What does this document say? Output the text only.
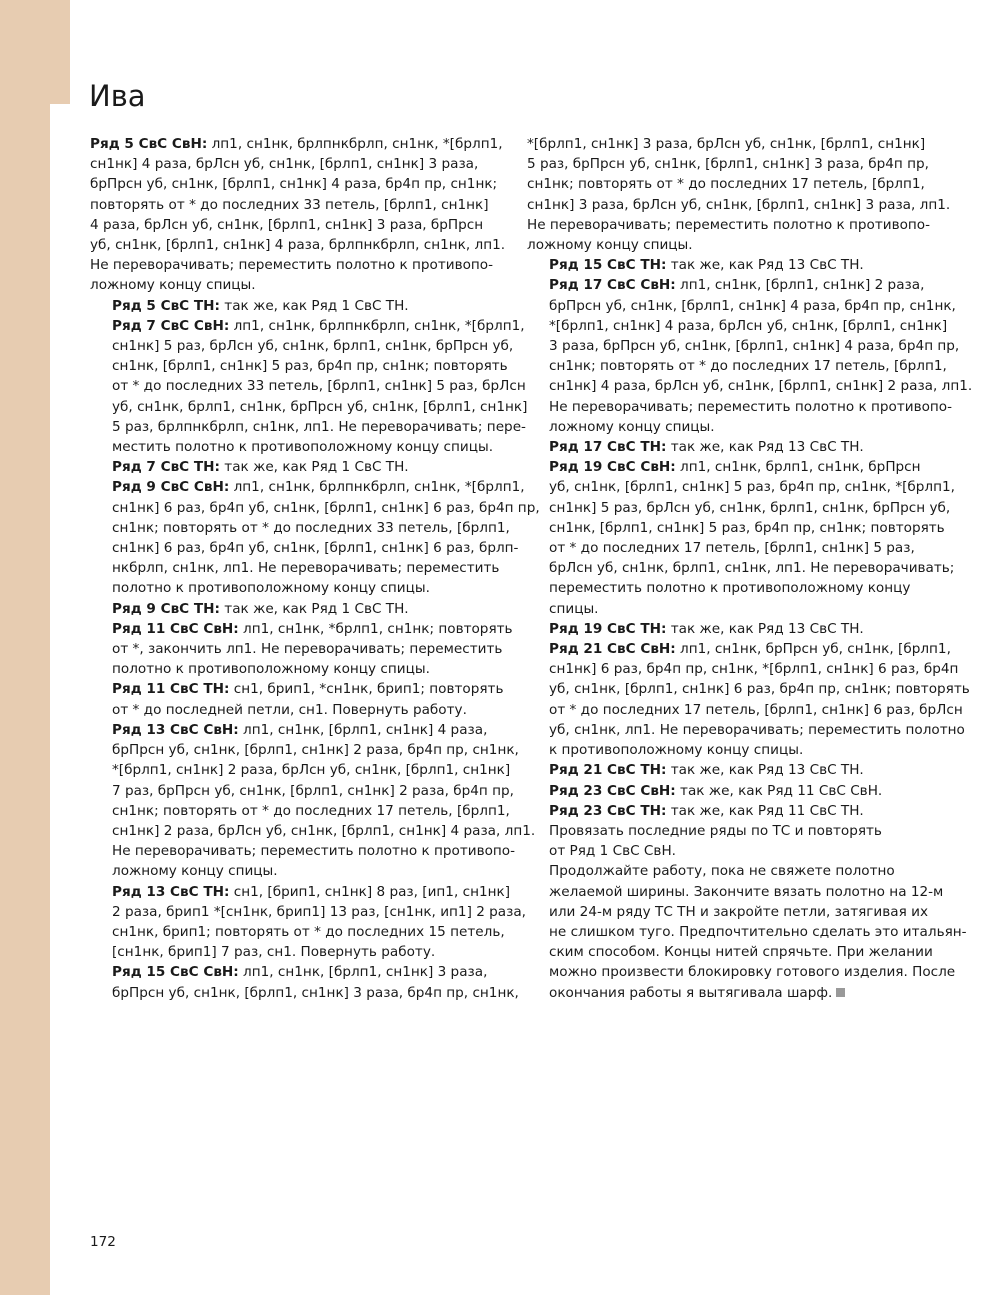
Ива

Ряд 5 СвС СвН: лп1, сн1нк, брлпнкбрлп, сн1нк, *[брлп1,
сн1нк] 4 раза, брЛсн уб, сн1нк, [брлп1, сн1нк] 3 раза,
брПрсн уб, сн1нк, [брлп1, сн1нк] 4 раза, бр4п пр, сн1нк;
повторять от * до последних 33 петель, [брлп1, сн1нк]
4 раза, брЛсн уб, сн1нк, [брлп1, сн1нк] 3 раза, брПрсн
уб, сн1нк, [брлп1, сн1нк] 4 раза, брлпнкбрлп, сн1нк, лп1.
Не переворачивать; переместить полотно к противопо-
ложному концу спицы.

Ряд 5 СвС ТН: так же, как Ряд 1 СвС ТН.

Ряд 7 СвС СвН: лп1, сн1нк, брлпнкбрлп, сн1нк, *[брлп1,
сн1нк] 5 раз, брЛсн уб, сн1нк, брлп1, сн1нк, брПрсн уб,
сн1нк, [брлп1, сн1нк] 5 раз, бр4п пр, сн1нк; повторять
от * до последних 33 петель, [брлп1, сн1нк] 5 раз, брЛсн
уб, сн1нк, брлп1, сн1нк, брПрсн уб, сн1нк, [брлп1, сн1нк]
5 раз, брлпнкбрлп, сн1нк, лп1. Не переворачивать; пере-
местить полотно к противоположному концу спицы.

Ряд 7 СвС ТН: так же, как Ряд 1 СвС ТН.

Ряд 9 СвС СвН: лп1, сн1нк, брлпнкбрлп, сн1нк, *[брлп1,
сн1нк] 6 раз, бр4п уб, сн1нк, [брлп1, сн1нк] 6 раз, бр4п пр,
сн1нк; повторять от * до последних 33 петель, [брлп1,
сн1нк] 6 раз, бр4п уб, сн1нк, [брлп1, сн1нк] 6 раз, брлп-
нкбрлп, сн1нк, лп1. Не переворачивать; переместить
полотно к противоположному концу спицы.

Ряд 9 СвС ТН: так же, как Ряд 1 СвС ТН.

Ряд 11 СвС СвН: лп1, сн1нк, *брлп1, сн1нк; повторять
от *, закончить лп1. Не переворачивать; переместить
полотно к противоположному концу спицы.

Ряд 11 СвС ТН: сн1, брип1, *сн1нк, брип1; повторять
от * до последней петли, сн1. Повернуть работу.

Ряд 13 СвС СвН: лп1, сн1нк, [брлп1, сн1нк] 4 раза,
брПрсн уб, сн1нк, [брлп1, сн1нк] 2 раза, бр4п пр, сн1нк,
*[брлп1, сн1нк] 2 раза, брЛсн уб, сн1нк, [брлп1, сн1нк]
7 раз, брПрсн уб, сн1нк, [брлп1, сн1нк] 2 раза, бр4п пр,
сн1нк; повторять от * до последних 17 петель, [брлп1,
сн1нк] 2 раза, брЛсн уб, сн1нк, [брлп1, сн1нк] 4 раза, лп1.
Не переворачивать; переместить полотно к противопо-
ложному концу спицы.

Ряд 13 СвС ТН: сн1, [брип1, сн1нк] 8 раз, [ип1, сн1нк]
2 раза, брип1 *[сн1нк, брип1] 13 раз, [сн1нк, ип1] 2 раза,
сн1нк, брип1; повторять от * до последних 15 петель,
[сн1нк, брип1] 7 раз, сн1. Повернуть работу.

Ряд 15 СвС СвН: лп1, сн1нк, [брлп1, сн1нк] 3 раза,
брПрсн уб, сн1нк, [брлп1, сн1нк] 3 раза, бр4п пр, сн1нк,

*[брлп1, сн1нк] 3 раза, брЛсн уб, сн1нк, [брлп1, сн1нк]
5 раз, брПрсн уб, сн1нк, [брлп1, сн1нк] 3 раза, бр4п пр,
сн1нк; повторять от * до последних 17 петель, [брлп1,
сн1нк] 3 раза, брЛсн уб, сн1нк, [брлп1, сн1нк] 3 раза, лп1.
Не переворачивать; переместить полотно к противопо-
ложному концу спицы.

Ряд 15 СвС ТН: так же, как Ряд 13 СвС ТН.

Ряд 17 СвС СвН: лп1, сн1нк, [брлп1, сн1нк] 2 раза,
брПрсн уб, сн1нк, [брлп1, сн1нк] 4 раза, бр4п пр, сн1нк,
*[брлп1, сн1нк] 4 раза, брЛсн уб, сн1нк, [брлп1, сн1нк]
3 раза, брПрсн уб, сн1нк, [брлп1, сн1нк] 4 раза, бр4п пр,
сн1нк; повторять от * до последних 17 петель, [брлп1,
сн1нк] 4 раза, брЛсн уб, сн1нк, [брлп1, сн1нк] 2 раза, лп1.
Не переворачивать; переместить полотно к противопо-
ложному концу спицы.

Ряд 17 СвС ТН: так же, как Ряд 13 СвС ТН.

Ряд 19 СвС СвН: лп1, сн1нк, брлп1, сн1нк, брПрсн
уб, сн1нк, [брлп1, сн1нк] 5 раз, бр4п пр, сн1нк, *[брлп1,
сн1нк] 5 раз, брЛсн уб, сн1нк, брлп1, сн1нк, брПрсн уб,
сн1нк, [брлп1, сн1нк] 5 раз, бр4п пр, сн1нк; повторять
от * до последних 17 петель, [брлп1, сн1нк] 5 раз,
брЛсн уб, сн1нк, брлп1, сн1нк, лп1. Не переворачивать;
переместить полотно к противоположному концу
спицы.

Ряд 19 СвС ТН: так же, как Ряд 13 СвС ТН.

Ряд 21 СвС СвН: лп1, сн1нк, брПрсн уб, сн1нк, [брлп1,
сн1нк] 6 раз, бр4п пр, сн1нк, *[брлп1, сн1нк] 6 раз, бр4п
уб, сн1нк, [брлп1, сн1нк] 6 раз, бр4п пр, сн1нк; повторять
от * до последних 17 петель, [брлп1, сн1нк] 6 раз, брЛсн
уб, сн1нк, лп1. Не переворачивать; переместить полотно
к противоположному концу спицы.

Ряд 21 СвС ТН: так же, как Ряд 13 СвС ТН.

Ряд 23 СвС СвН: так же, как Ряд 11 СвС СвН.

Ряд 23 СвС ТН: так же, как Ряд 11 СвС ТН.

Провязать последние ряды по ТС и повторять
от Ряд 1 СвС СвН.

Продолжайте работу, пока не свяжете полотно
желаемой ширины. Закончите вязать полотно на 12-м
или 24-м ряду ТС ТН и закройте петли, затягивая их
не слишком туго. Предпочтительно сделать это итальян-
ским способом. Концы нитей спрячьте. При желании
можно произвести блокировку готового изделия. После
окончания работы я вытягивала шарф.

172
